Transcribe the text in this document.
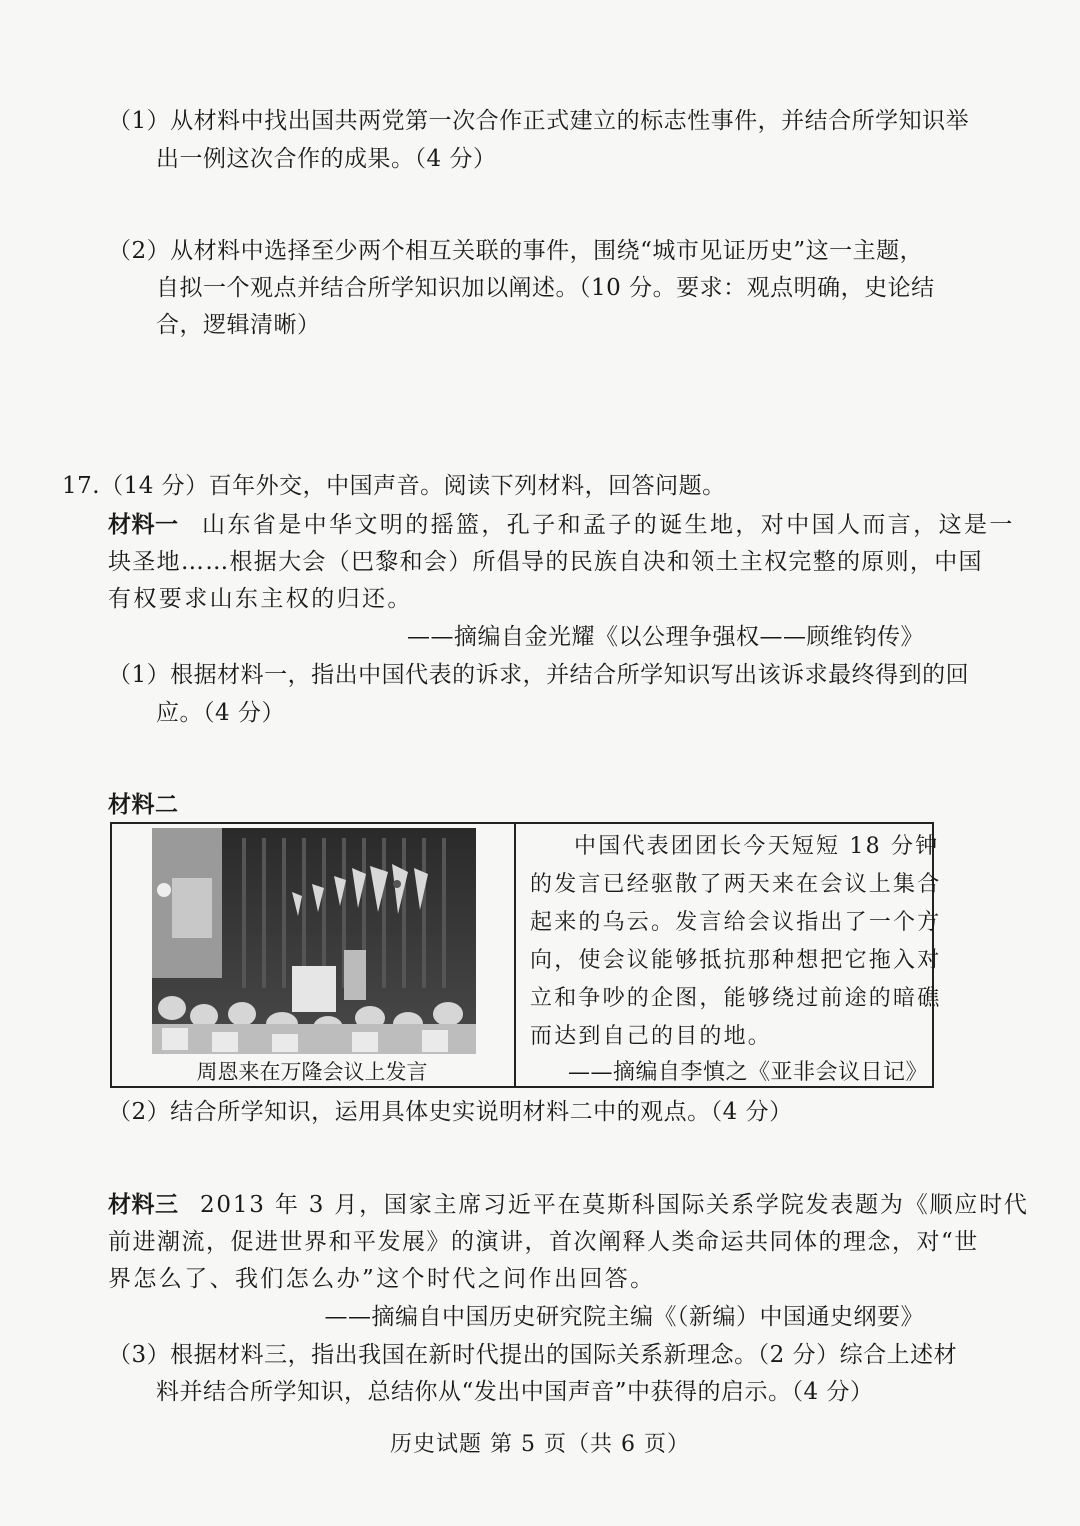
（1）从材料中找出国共两党第一次合作正式建立的标志性事件，并结合所学知识举
出一例这次合作的成果。（4 分）
（2）从材料中选择至少两个相互关联的事件，围绕“城市见证历史”这一主题，
自拟一个观点并结合所学知识加以阐述。（10 分。要求：观点明确，史论结
合，逻辑清晰）
17.（14 分）百年外交，中国声音。阅读下列材料，回答问题。
材料一 山东省是中华文明的摇篮，孔子和孟子的诞生地，对中国人而言，这是一
块圣地……根据大会（巴黎和会）所倡导的民族自决和领土主权完整的原则，中国
有权要求山东主权的归还。
——摘编自金光耀《以公理争强权——顾维钧传》
（1）根据材料一，指出中国代表的诉求，并结合所学知识写出该诉求最终得到的回
应。（4 分）
材料二
周恩来在万隆会议上发言
中国代表团团长今天短短 18 分钟
的发言已经驱散了两天来在会议上集合
起来的乌云。发言给会议指出了一个方
向，使会议能够抵抗那种想把它拖入对
立和争吵的企图，能够绕过前途的暗礁
而达到自己的目的地。
——摘编自李慎之《亚非会议日记》
（2）结合所学知识，运用具体史实说明材料二中的观点。（4 分）
材料三 2013 年 3 月，国家主席习近平在莫斯科国际关系学院发表题为《顺应时代
前进潮流，促进世界和平发展》的演讲，首次阐释人类命运共同体的理念，对“世
界怎么了、我们怎么办”这个时代之问作出回答。
——摘编自中国历史研究院主编《（新编）中国通史纲要》
（3）根据材料三，指出我国在新时代提出的国际关系新理念。（2 分）综合上述材
料并结合所学知识，总结你从“发出中国声音”中获得的启示。（4 分）
历史试题 第 5 页（共 6 页）
